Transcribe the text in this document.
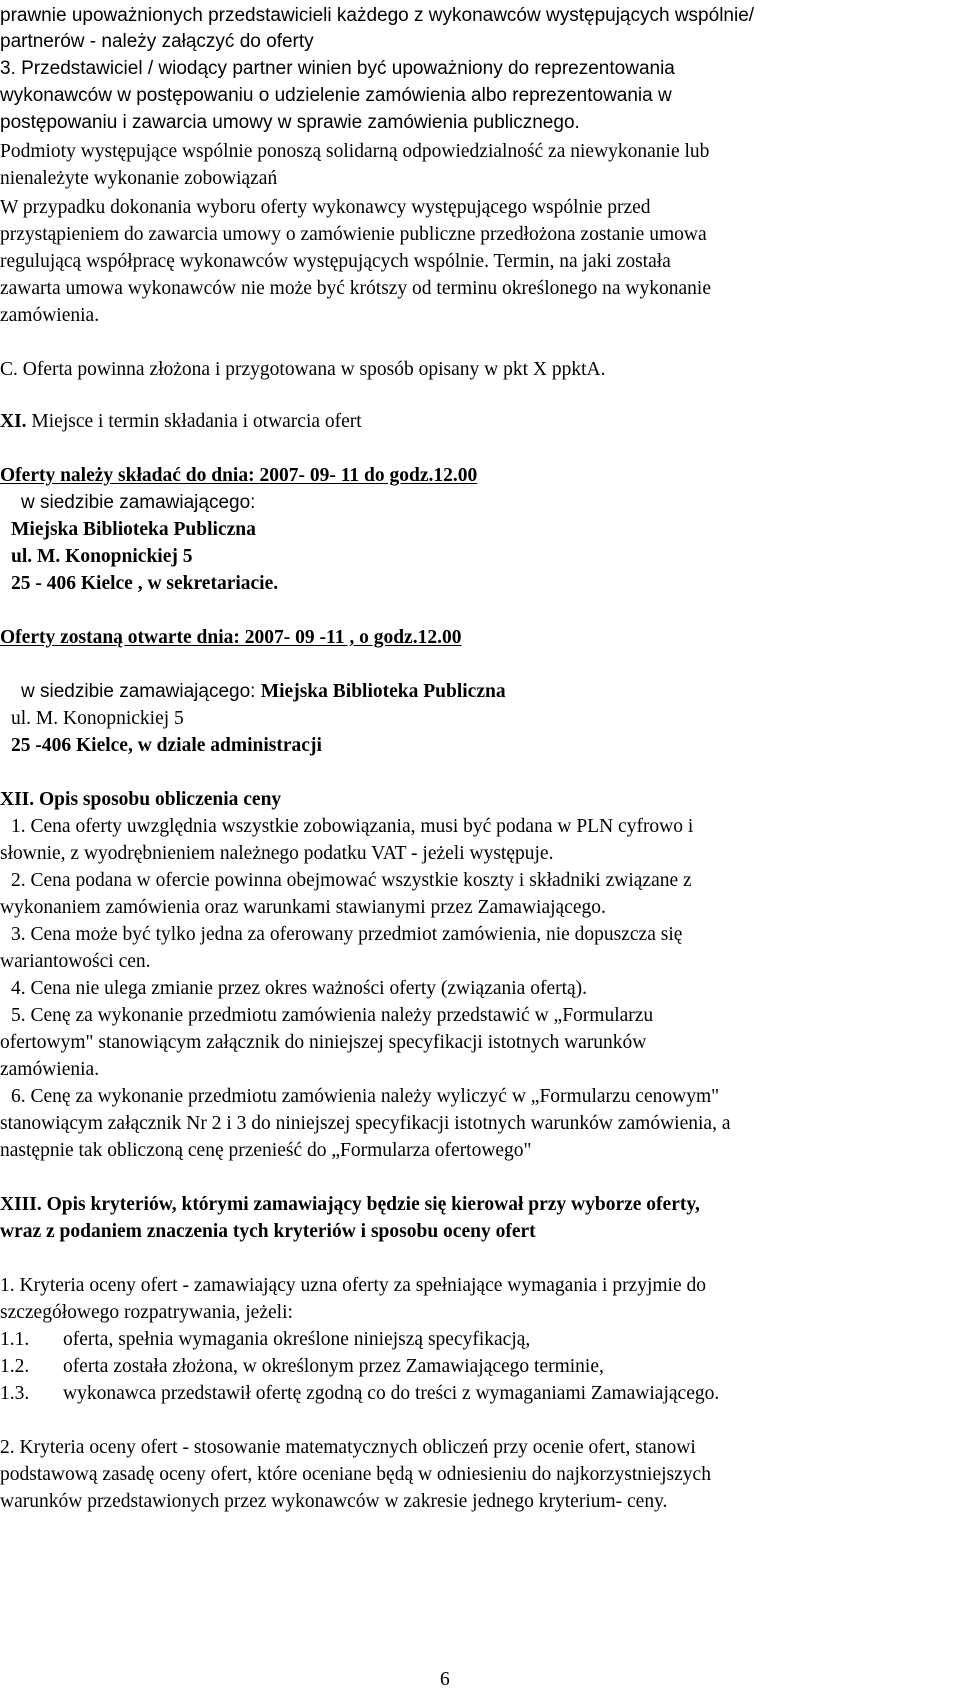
prawnie upoważnionych przedstawicieli każdego z wykonawców występujących wspólnie/
partnerów - należy załączyć do oferty
3. Przedstawiciel / wiodący partner winien być upoważniony do reprezentowania
wykonawców w postępowaniu o udzielenie zamówienia albo reprezentowania w
postępowaniu i zawarcia umowy w sprawie zamówienia publicznego.
Podmioty występujące wspólnie ponoszą solidarną odpowiedzialność za niewykonanie lub
nienależyte wykonanie zobowiązań
W przypadku dokonania wyboru oferty wykonawcy występującego wspólnie przed
przystąpieniem do zawarcia umowy o zamówienie publiczne przedłożona zostanie umowa
regulującą współpracę wykonawców występujących wspólnie. Termin, na jaki została
zawarta umowa wykonawców nie może być krótszy od terminu określonego na wykonanie
zamówienia.
C. Oferta powinna złożona i przygotowana w sposób opisany w pkt X ppktA.
XI. Miejsce i termin składania i otwarcia ofert
Oferty należy składać do dnia: 2007- 09- 11 do godz.12.00
w siedzibie zamawiającego:
Miejska Biblioteka Publiczna
ul. M. Konopnickiej 5
25 - 406 Kielce , w sekretariacie.
Oferty zostaną otwarte dnia: 2007- 09 -11 , o godz.12.00
w siedzibie zamawiającego: Miejska Biblioteka Publiczna
ul. M. Konopnickiej 5
25 -406 Kielce, w dziale administracji
XII. Opis sposobu obliczenia ceny
1. Cena oferty uwzględnia wszystkie zobowiązania, musi być podana w PLN cyfrowo i
słownie, z wyodrębnieniem należnego podatku VAT - jeżeli występuje.
2. Cena podana w ofercie powinna obejmować wszystkie koszty i składniki związane z
wykonaniem zamówienia oraz warunkami stawianymi przez Zamawiającego.
3. Cena może być tylko jedna za oferowany przedmiot zamówienia, nie dopuszcza się
wariantowości cen.
4. Cena nie ulega zmianie przez okres ważności oferty (związania ofertą).
5. Cenę za wykonanie przedmiotu zamówienia należy przedstawić w „Formularzu
ofertowym" stanowiącym załącznik do niniejszej specyfikacji istotnych warunków
zamówienia.
6. Cenę za wykonanie przedmiotu zamówienia należy wyliczyć w „Formularzu cenowym"
stanowiącym załącznik Nr 2 i 3 do niniejszej specyfikacji istotnych warunków zamówienia, a
następnie tak obliczoną cenę przenieść do „Formularza ofertowego"
XIII. Opis kryteriów, którymi zamawiający będzie się kierował przy wyborze oferty,
wraz z podaniem znaczenia tych kryteriów i sposobu oceny ofert
1. Kryteria oceny ofert - zamawiający uzna oferty za spełniające wymagania i przyjmie do
szczegółowego rozpatrywania, jeżeli:
1.1. oferta, spełnia wymagania określone niniejszą specyfikacją,
1.2. oferta została złożona, w określonym przez Zamawiającego terminie,
1.3. wykonawca przedstawił ofertę zgodną co do treści z wymaganiami Zamawiającego.
2. Kryteria oceny ofert - stosowanie matematycznych obliczeń przy ocenie ofert, stanowi
podstawową zasadę oceny ofert, które oceniane będą w odniesieniu do najkorzystniejszych
warunków przedstawionych przez wykonawców w zakresie jednego kryterium- ceny.
6
